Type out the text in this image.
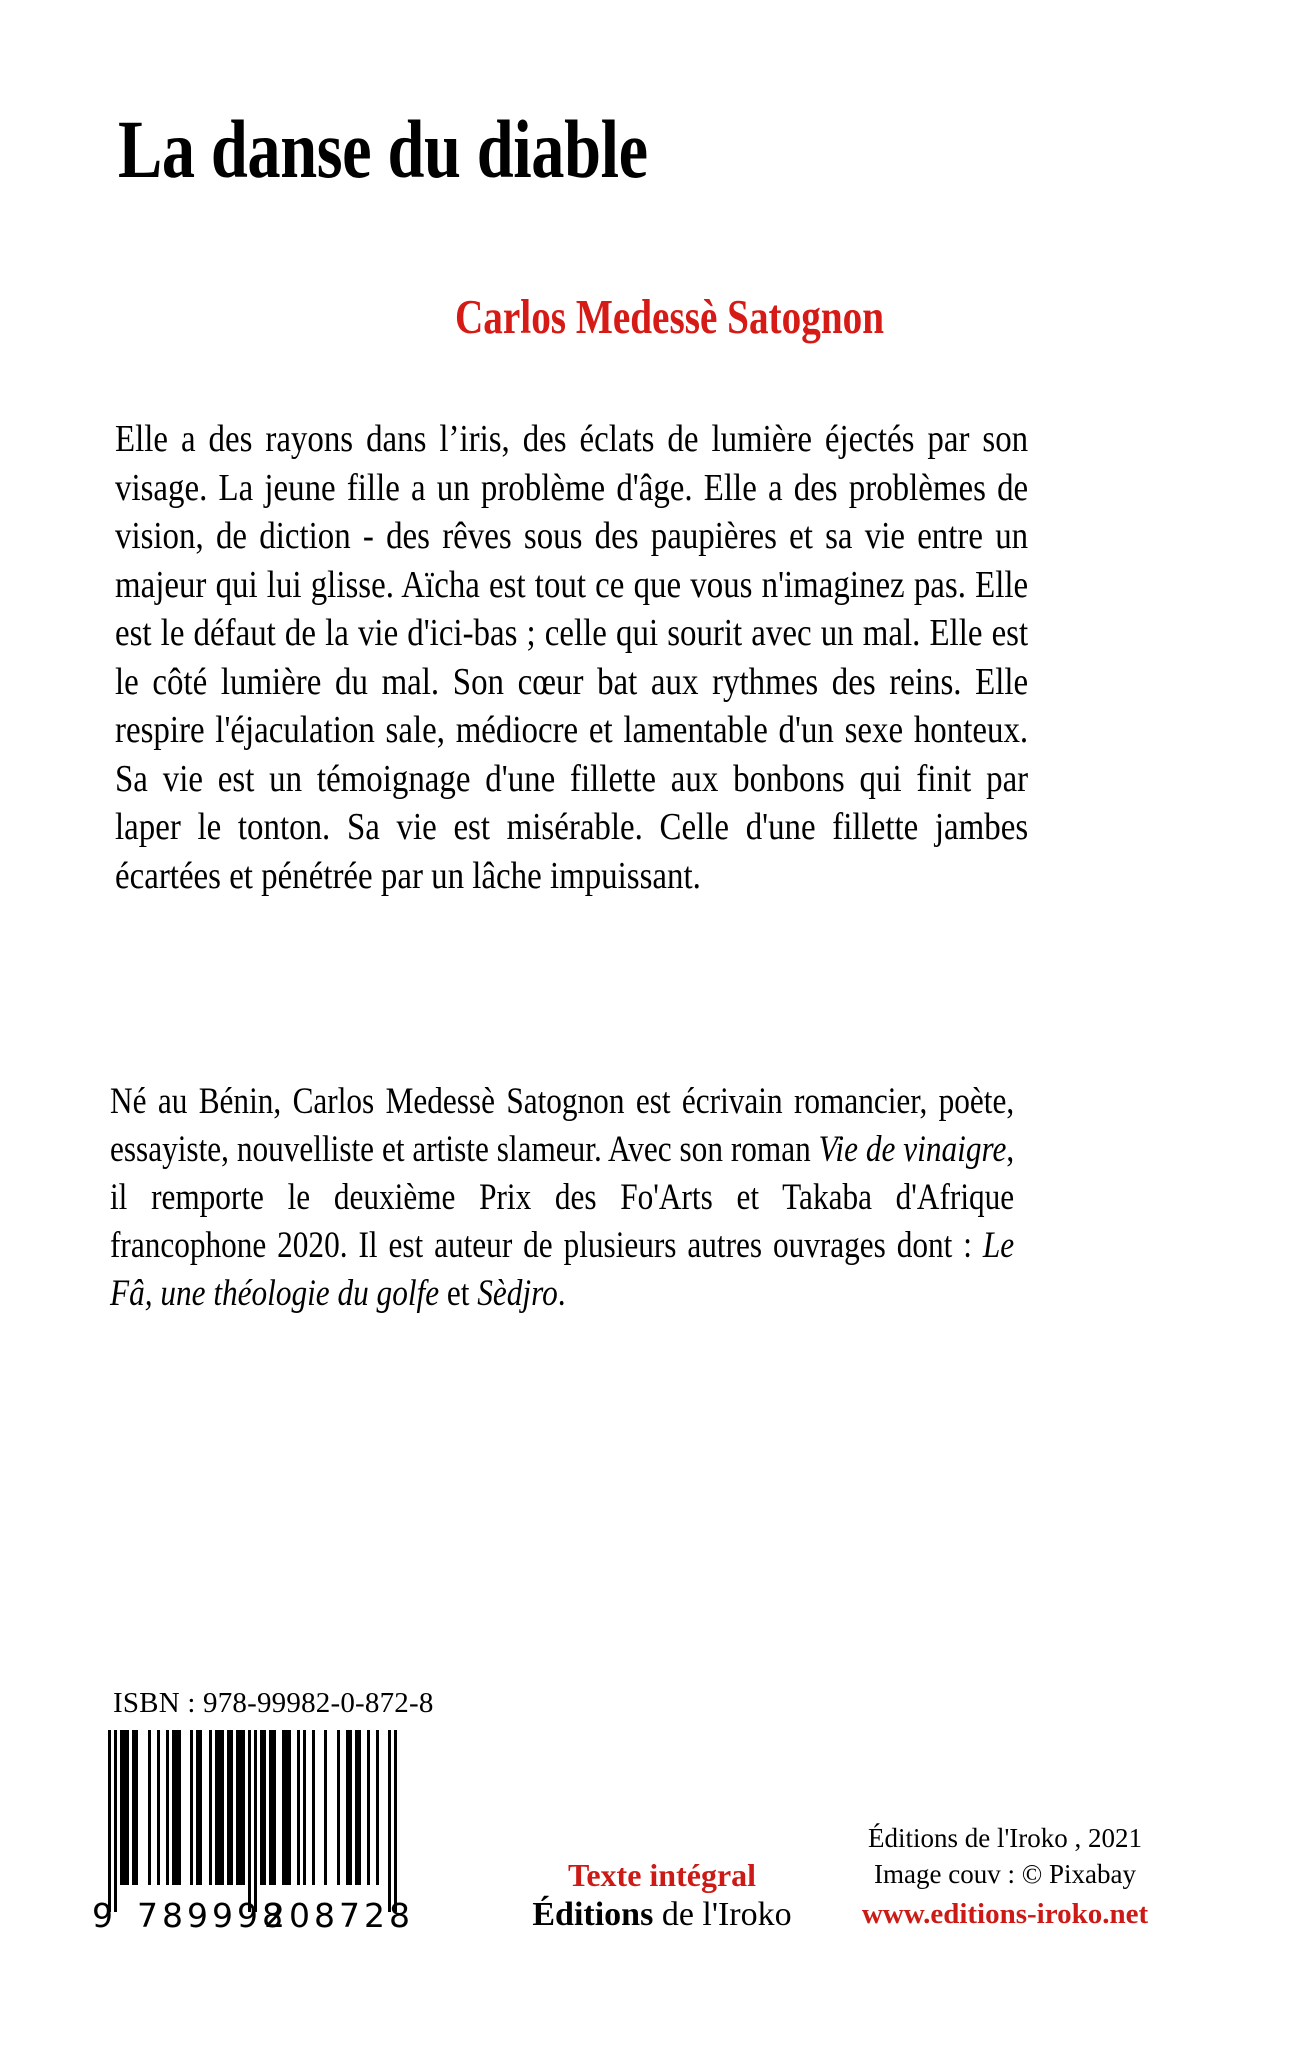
La danse du diable
Carlos Medessè Satognon
Elle a des rayons dans l’iris, des éclats de lumière éjectés par son visage. La jeune fille a un problème d'âge. Elle a des problèmes de vision, de diction - des rêves sous des paupières et sa vie entre un majeur qui lui glisse. Aïcha est tout ce que vous n'imaginez pas. Elle est le défaut de la vie d'ici-bas ; celle qui sourit avec un mal. Elle est le côté lumière du mal. Son cœur bat aux rythmes des reins. Elle respire l'éjaculation sale, médiocre et lamentable d'un sexe honteux. Sa vie est un témoignage d'une fillette aux bonbons qui finit par laper le tonton. Sa vie est misérable. Celle d'une fillette jambes écartées et pénétrée par un lâche impuissant.
Né au Bénin, Carlos Medessè Satognon est écrivain romancier, poète, essayiste, nouvelliste et artiste slameur. Avec son roman Vie de vinaigre, il remporte le deuxième Prix des Fo'Arts et Takaba d'Afrique francophone 2020. Il est auteur de plusieurs autres ouvrages dont : Le Fâ, une théologie du golfe et Sèdjro.
ISBN : 978-99982-0-872-8
9 789998
208728
Texte intégral
Éditions de l'Iroko
Éditions de l'Iroko , 2021
Image couv : © Pixabay
www.editions-iroko.net
